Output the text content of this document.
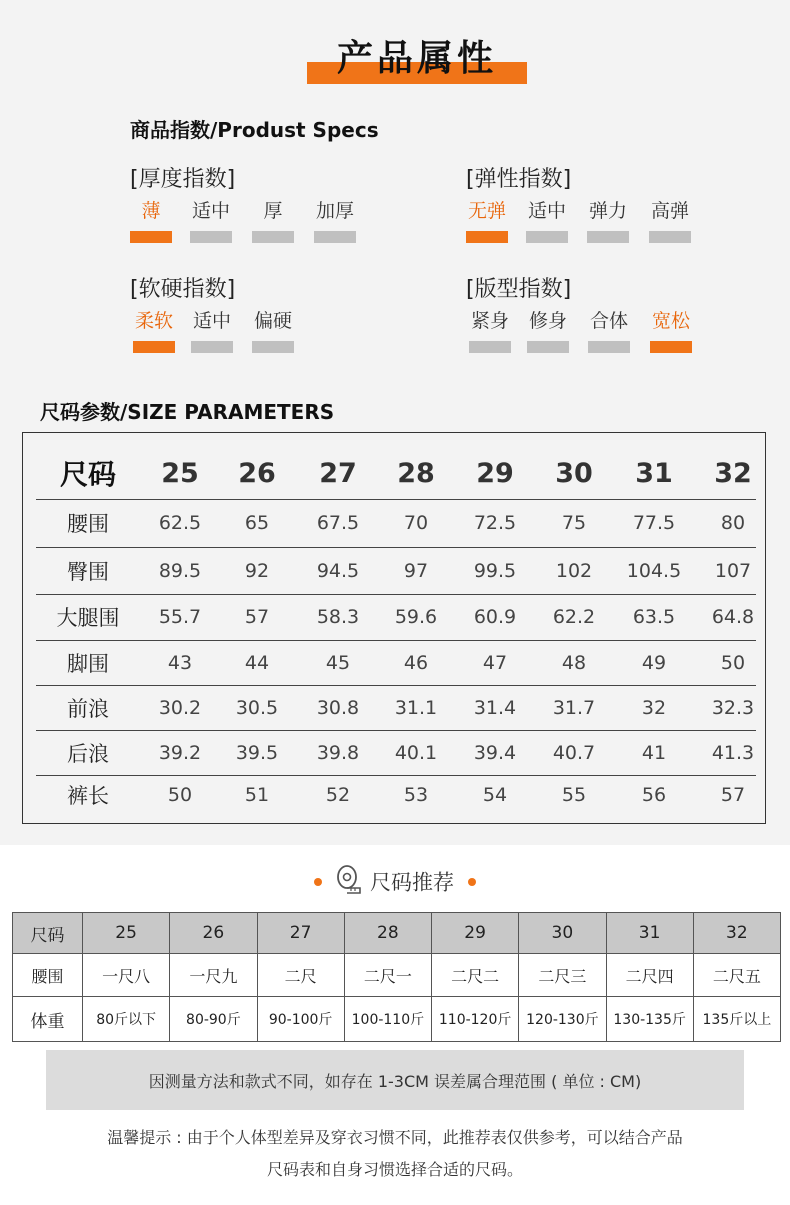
产品属性
商品指数/Produst Specs
[厚度指数]
薄	适中	厚	加厚
[弹性指数]
无弹	适中	弹力	高弹
[软硬指数]
柔软	适中	偏硬
[版型指数]
紧身	修身	合体	宽松
尺码参数/SIZE PARAMETERS
尺码	25	26	27	28	29	30	31	32
腰围	62.5	65	67.5	70	72.5	75	77.5	80
臀围	89.5	92	94.5	97	99.5	102	104.5	107
大腿围	55.7	57	58.3	59.6	60.9	62.2	63.5	64.8
脚围	43	44	45	46	47	48	49	50
前浪	30.2	30.5	30.8	31.1	31.4	31.7	32	32.3
后浪	39.2	39.5	39.8	40.1	39.4	40.7	41	41.3
裤长	50	51	52	53	54	55	56	57
尺码推荐
尺码	25	26	27	28	29	30	31	32
腰围	一尺八	一尺九	二尺	二尺一	二尺二	二尺三	二尺四	二尺五
体重	80斤以下	80-90斤	90-100斤	100-110斤	110-120斤	120-130斤	130-135斤	135斤以上
因测量方法和款式不同，如存在 1-3CM 误差属合理范围 ( 单位 : CM)
温馨提示 : 由于个人体型差异及穿衣习惯不同，此推荐表仅供参考，可以结合产品
尺码表和自身习惯选择合适的尺码。
